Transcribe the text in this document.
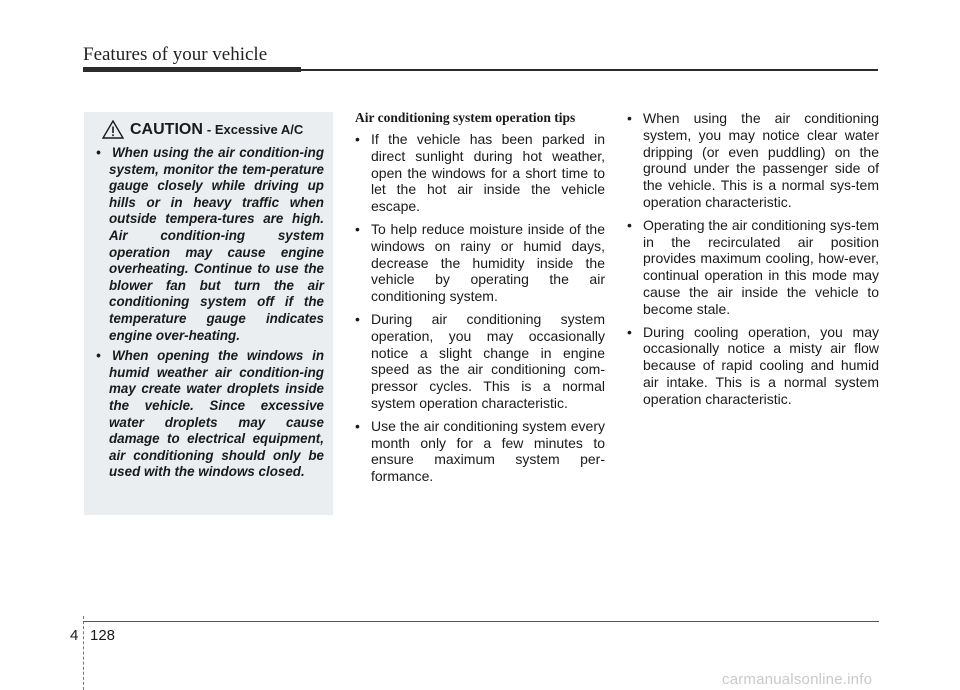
Features of your vehicle
CAUTION - Excessive A/C
• When using the air condition-ing system, monitor the tem-perature gauge closely while driving up hills or in heavy traffic when outside tempera-tures are high. Air condition-ing system operation may cause engine overheating. Continue to use the blower fan but turn the air conditioning system off if the temperature gauge indicates engine over-heating.
• When opening the windows in humid weather air condition-ing may create water droplets inside the vehicle. Since excessive water droplets may cause damage to electrical equipment, air conditioning should only be used with the windows closed.
Air conditioning system operation tips
• If the vehicle has been parked in direct sunlight during hot weather, open the windows for a short time to let the hot air inside the vehicle escape.
• To help reduce moisture inside of the windows on rainy or humid days, decrease the humidity inside the vehicle by operating the air conditioning system.
• During air conditioning system operation, you may occasionally notice a slight change in engine speed as the air conditioning com-pressor cycles. This is a normal system operation characteristic.
• Use the air conditioning system every month only for a few minutes to ensure maximum system per-formance.
• When using the air conditioning system, you may notice clear water dripping (or even puddling) on the ground under the passenger side of the vehicle. This is a normal sys-tem operation characteristic.
• Operating the air conditioning sys-tem in the recirculated air position provides maximum cooling, how-ever, continual operation in this mode may cause the air inside the vehicle to become stale.
• During cooling operation, you may occasionally notice a misty air flow because of rapid cooling and humid air intake. This is a normal system operation characteristic.
4 128
carmanualsonline.info
